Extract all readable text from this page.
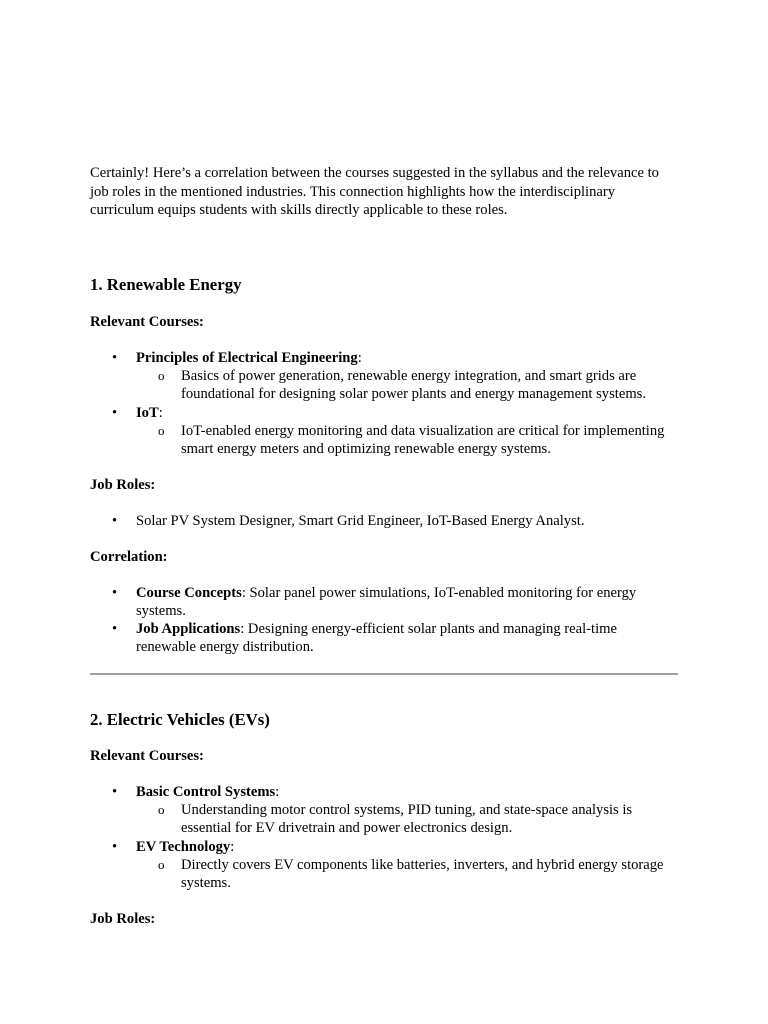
Certainly! Here’s a correlation between the courses suggested in the syllabus and the relevance to job roles in the mentioned industries. This connection highlights how the interdisciplinary curriculum equips students with skills directly applicable to these roles.

1. Renewable Energy

Relevant Courses:

• Principles of Electrical Engineering:
o Basics of power generation, renewable energy integration, and smart grids are foundational for designing solar power plants and energy management systems.
• IoT:
o IoT-enabled energy monitoring and data visualization are critical for implementing smart energy meters and optimizing renewable energy systems.

Job Roles:

• Solar PV System Designer, Smart Grid Engineer, IoT-Based Energy Analyst.

Correlation:

• Course Concepts: Solar panel power simulations, IoT-enabled monitoring for energy systems.
• Job Applications: Designing energy-efficient solar plants and managing real-time renewable energy distribution.
2. Electric Vehicles (EVs)

Relevant Courses:

• Basic Control Systems:
o Understanding motor control systems, PID tuning, and state-space analysis is essential for EV drivetrain and power electronics design.
• EV Technology:
o Directly covers EV components like batteries, inverters, and hybrid energy storage systems.

Job Roles:
